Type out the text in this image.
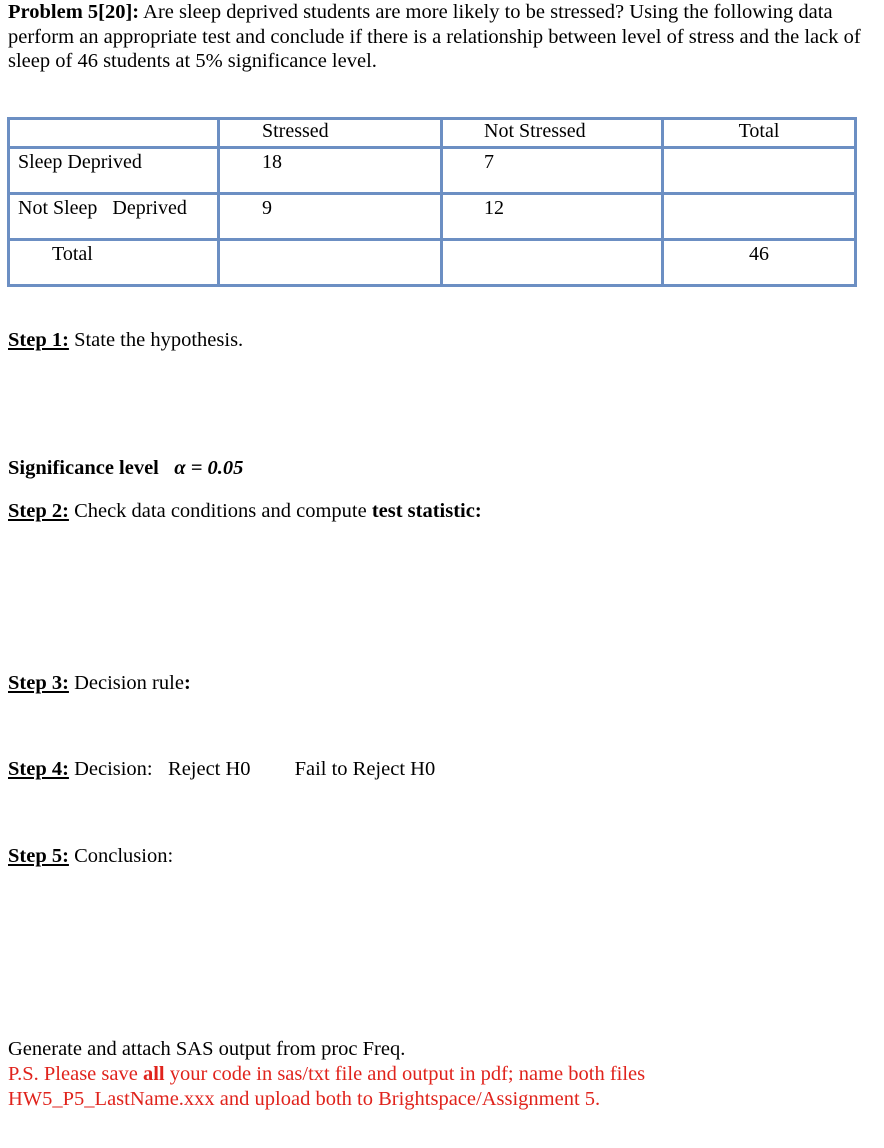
Problem 5[20]: Are sleep deprived students are more likely to be stressed? Using the following data perform an appropriate test and conclude if there is a relationship between level of stress and the lack of sleep of 46 students at 5% significance level.
	Stressed	Not Stressed	Total
Sleep Deprived	18	7	
Not Sleep   Deprived	9	12	
Total			46
Step 1: State the hypothesis.
Significance level α = 0.05
Step 2: Check data conditions and compute test statistic:
Step 3: Decision rule:
Step 4: Decision: Reject H0 Fail to Reject H0
Step 5: Conclusion:
Generate and attach SAS output from proc Freq.
P.S. Please save all your code in sas/txt file and output in pdf; name both files
HW5_P5_LastName.xxx and upload both to Brightspace/Assignment 5.
